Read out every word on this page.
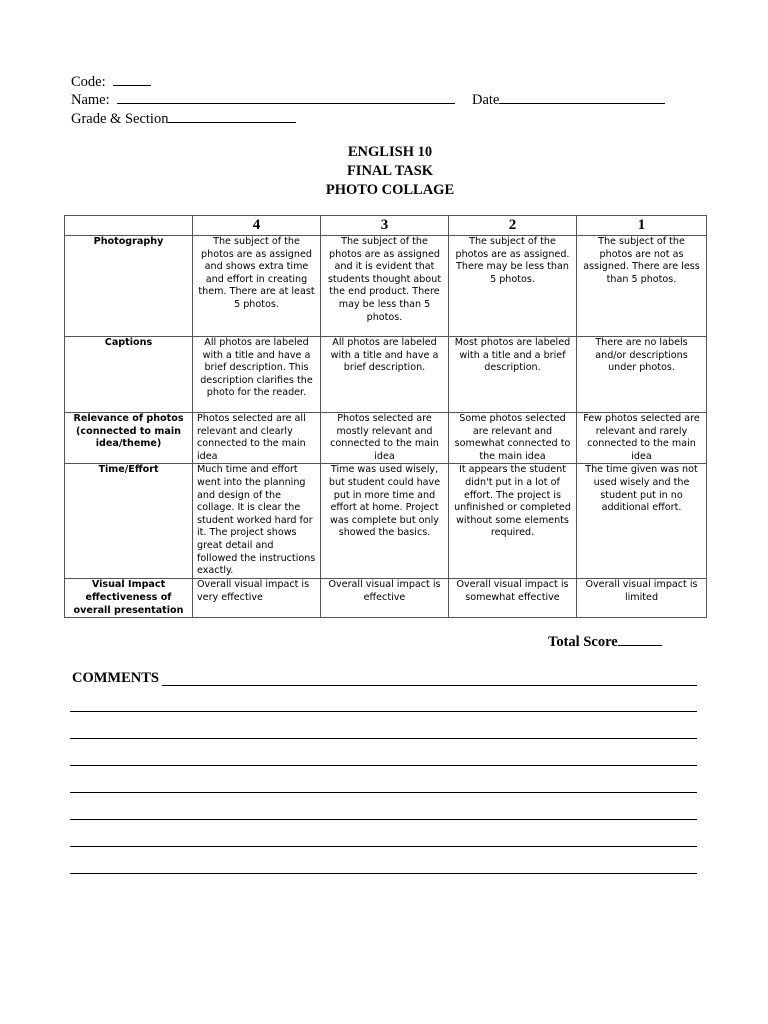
Code:
Name:	Date
Grade & Section
ENGLISH 10
FINAL TASK
PHOTO COLLAGE
	4	3	2	1
Photography	The subject of the photos are as assigned and shows extra time and effort in creating them. There are at least 5 photos.	The subject of the photos are as assigned and it is evident that students thought about the end product. There may be less than 5 photos.	The subject of the photos are as assigned. There may be less than 5 photos.	The subject of the photos are not as assigned. There are less than 5 photos.
Captions	All photos are labeled with a title and have a brief description. This description clarifies the photo for the reader.	All photos are labeled with a title and have a brief description.	Most photos are labeled with a title and a brief description.	There are no labels and/or descriptions under photos.
Relevance of photos (connected to main idea/theme)	Photos selected are all relevant and clearly connected to the main idea	Photos selected are mostly relevant and connected to the main idea	Some photos selected are relevant and somewhat connected to the main idea	Few photos selected are relevant and rarely connected to the main idea
Time/Effort	Much time and effort went into the planning and design of the collage. It is clear the student worked hard for it. The project shows great detail and followed the instructions exactly.	Time was used wisely, but student could have put in more time and effort at home. Project was complete but only showed the basics.	It appears the student didn't put in a lot of effort. The project is unfinished or completed without some elements required.	The time given was not used wisely and the student put in no additional effort.
Visual Impact effectiveness of overall presentation	Overall visual impact is very effective	Overall visual impact is effective	Overall visual impact is somewhat effective	Overall visual impact is limited
Total Score
COMMENTS
